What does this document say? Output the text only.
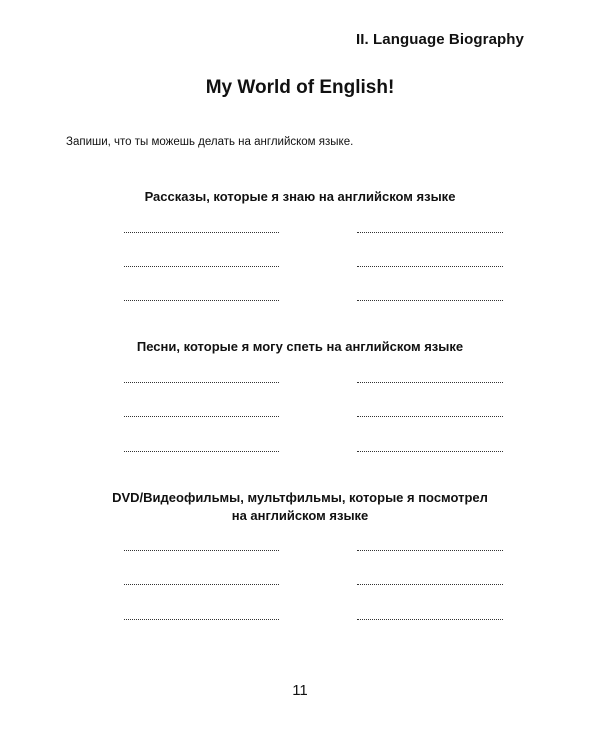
II. Language Biography
My World of English!
Запиши, что ты можешь делать на английском языке.
Рассказы, которые я знаю на английском языке
Песни, которые я могу спеть на английском языке
DVD/Видеофильмы, мультфильмы, которые я посмотрел
на английском языке
11
